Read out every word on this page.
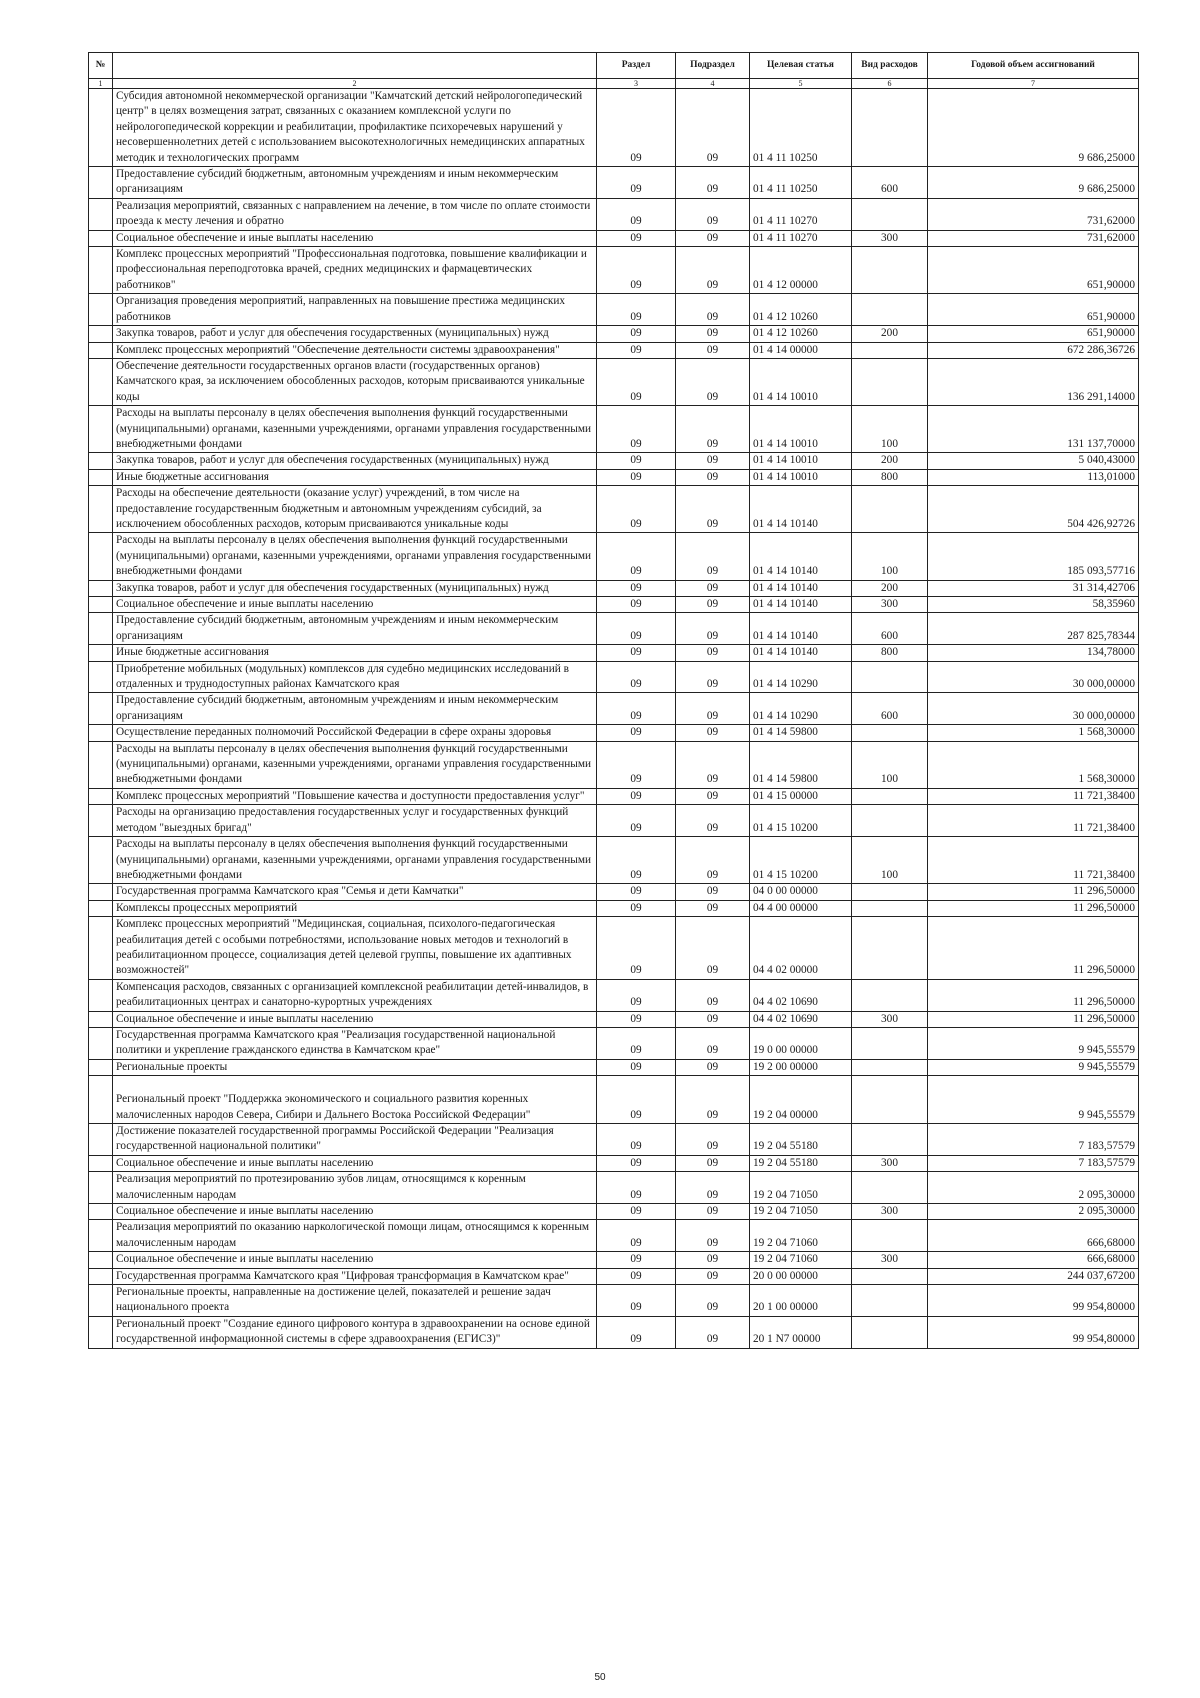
№		Раздел	Подраздел	Целевая статья	Вид расходов	Годовой объем ассигнований
1	2	3	4	5	6	7
	Субсидия автономной некоммерческой организации "Камчатский детский нейрологопедический центр" в целях возмещения затрат, связанных с оказанием комплексной услуги по нейрологопедической коррекции и реабилитации, профилактике психоречевых нарушений у несовершеннолетних детей с использованием высокотехнологичных немедицинских аппаратных методик и технологических программ	09	09	01 4 11 10250		9 686,25000
	Предоставление субсидий бюджетным, автономным учреждениям и иным некоммерческим организациям	09	09	01 4 11 10250	600	9 686,25000
	Реализация мероприятий, связанных с направлением на лечение, в том числе по оплате стоимости проезда к месту лечения и обратно	09	09	01 4 11 10270		731,62000
	Социальное обеспечение и иные выплаты населению	09	09	01 4 11 10270	300	731,62000
	Комплекс процессных мероприятий "Профессиональная подготовка, повышение квалификации и профессиональная переподготовка врачей, средних медицинских и фармацевтических работников"	09	09	01 4 12 00000		651,90000
	Организация проведения мероприятий, направленных на повышение престижа медицинских работников	09	09	01 4 12 10260		651,90000
	Закупка товаров, работ и услуг для обеспечения государственных (муниципальных) нужд	09	09	01 4 12 10260	200	651,90000
	Комплекс процессных мероприятий "Обеспечение деятельности системы здравоохранения"	09	09	01 4 14 00000		672 286,36726
	Обеспечение деятельности государственных органов власти (государственных органов) Камчатского края, за исключением обособленных расходов, которым присваиваются уникальные коды	09	09	01 4 14 10010		136 291,14000
	Расходы на выплаты персоналу в целях обеспечения выполнения функций государственными (муниципальными) органами, казенными учреждениями, органами управления государственными внебюджетными фондами	09	09	01 4 14 10010	100	131 137,70000
	Закупка товаров, работ и услуг для обеспечения государственных (муниципальных) нужд	09	09	01 4 14 10010	200	5 040,43000
	Иные бюджетные ассигнования	09	09	01 4 14 10010	800	113,01000
	Расходы на обеспечение деятельности (оказание услуг) учреждений, в том числе на предоставление государственным бюджетным и автономным учреждениям субсидий, за исключением обособленных расходов, которым присваиваются уникальные коды	09	09	01 4 14 10140		504 426,92726
	Расходы на выплаты персоналу в целях обеспечения выполнения функций государственными (муниципальными) органами, казенными учреждениями, органами управления государственными внебюджетными фондами	09	09	01 4 14 10140	100	185 093,57716
	Закупка товаров, работ и услуг для обеспечения государственных (муниципальных) нужд	09	09	01 4 14 10140	200	31 314,42706
	Социальное обеспечение и иные выплаты населению	09	09	01 4 14 10140	300	58,35960
	Предоставление субсидий бюджетным, автономным учреждениям и иным некоммерческим организациям	09	09	01 4 14 10140	600	287 825,78344
	Иные бюджетные ассигнования	09	09	01 4 14 10140	800	134,78000
	Приобретение мобильных (модульных) комплексов для судебно медицинских исследований в отдаленных и труднодоступных районах Камчатского края	09	09	01 4 14 10290		30 000,00000
	Предоставление субсидий бюджетным, автономным учреждениям и иным некоммерческим организациям	09	09	01 4 14 10290	600	30 000,00000
	Осуществление переданных полномочий Российской Федерации в сфере охраны здоровья	09	09	01 4 14 59800		1 568,30000
	Расходы на выплаты персоналу в целях обеспечения выполнения функций государственными (муниципальными) органами, казенными учреждениями, органами управления государственными внебюджетными фондами	09	09	01 4 14 59800	100	1 568,30000
	Комплекс процессных мероприятий "Повышение качества и доступности предоставления услуг"	09	09	01 4 15 00000		11 721,38400
	Расходы на организацию предоставления государственных услуг и государственных функций методом "выездных бригад"	09	09	01 4 15 10200		11 721,38400
	Расходы на выплаты персоналу в целях обеспечения выполнения функций государственными (муниципальными) органами, казенными учреждениями, органами управления государственными внебюджетными фондами	09	09	01 4 15 10200	100	11 721,38400
	Государственная программа Камчатского края "Семья и дети Камчатки"	09	09	04 0 00 00000		11 296,50000
	Комплексы процессных мероприятий	09	09	04 4 00 00000		11 296,50000
	Комплекс процессных мероприятий "Медицинская, социальная, психолого-педагогическая реабилитация детей с особыми потребностями, использование новых методов и технологий в реабилитационном процессе, социализация детей целевой группы, повышение их адаптивных возможностей"	09	09	04 4 02 00000		11 296,50000
	Компенсация расходов, связанных с организацией комплексной реабилитации детей-инвалидов, в реабилитационных центрах и санаторно-курортных учреждениях	09	09	04 4 02 10690		11 296,50000
	Социальное обеспечение и иные выплаты населению	09	09	04 4 02 10690	300	11 296,50000
	Государственная программа Камчатского края "Реализация государственной национальной политики и укрепление гражданского единства в Камчатском крае"	09	09	19 0 00 00000		9 945,55579
	Региональные проекты	09	09	19 2 00 00000		9 945,55579
	Региональный проект "Поддержка экономического и социального развития коренных малочисленных народов Севера, Сибири и Дальнего Востока Российской Федерации"	09	09	19 2 04 00000		9 945,55579
	Достижение показателей государственной программы Российской Федерации "Реализация государственной национальной политики"	09	09	19 2 04 55180		7 183,57579
	Социальное обеспечение и иные выплаты населению	09	09	19 2 04 55180	300	7 183,57579
	Реализация мероприятий по протезированию зубов лицам, относящимся к коренным малочисленным народам	09	09	19 2 04 71050		2 095,30000
	Социальное обеспечение и иные выплаты населению	09	09	19 2 04 71050	300	2 095,30000
	Реализация мероприятий по оказанию наркологической помощи лицам, относящимся к коренным малочисленным народам	09	09	19 2 04 71060		666,68000
	Социальное обеспечение и иные выплаты населению	09	09	19 2 04 71060	300	666,68000
	Государственная программа Камчатского края "Цифровая трансформация в Камчатском крае"	09	09	20 0 00 00000		244 037,67200
	Региональные проекты, направленные на достижение целей, показателей и решение задач национального проекта	09	09	20 1 00 00000		99 954,80000
	Региональный проект "Создание единого цифрового контура в здравоохранении на основе единой государственной информационной системы в сфере здравоохранения (ЕГИСЗ)"	09	09	20 1 N7 00000		99 954,80000
50
